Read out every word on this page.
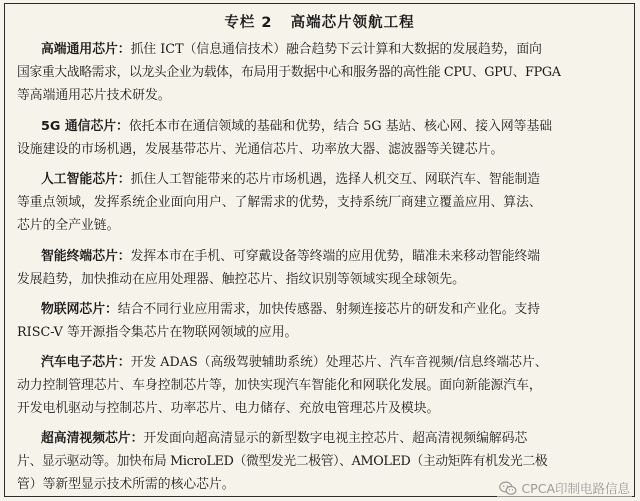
专栏 2   高端芯片领航工程
高端通用芯片：抓住 ICT（信息通信技术）融合趋势下云计算和大数据的发展趋势，面向
国家重大战略需求，以龙头企业为载体，布局用于数据中心和服务器的高性能 CPU、GPU、FPGA
等高端通用芯片技术研发。
5G 通信芯片：依托本市在通信领域的基础和优势，结合 5G 基站、核心网、接入网等基础
设施建设的市场机遇，发展基带芯片、光通信芯片、功率放大器、滤波器等关键芯片。
人工智能芯片：抓住人工智能带来的芯片市场机遇，选择人机交互、网联汽车、智能制造
等重点领域，发挥系统企业面向用户、了解需求的优势，支持系统厂商建立覆盖应用、算法、
芯片的全产业链。
智能终端芯片：发挥本市在手机、可穿戴设备等终端的应用优势，瞄准未来移动智能终端
发展趋势，加快推动在应用处理器、触控芯片、指纹识别等领域实现全球领先。
物联网芯片：结合不同行业应用需求，加快传感器、射频连接芯片的研发和产业化。支持
RISC-V 等开源指令集芯片在物联网领域的应用。
汽车电子芯片：开发 ADAS（高级驾驶辅助系统）处理芯片、汽车音视频/信息终端芯片、
动力控制管理芯片、车身控制芯片等，加快实现汽车智能化和网联化发展。面向新能源汽车，
开发电机驱动与控制芯片、功率芯片、电力储存、充放电管理芯片及模块。
超高清视频芯片：开发面向超高清显示的新型数字电视主控芯片、超高清视频编解码芯
片、显示驱动等。加快布局 MicroLED（微型发光二极管）、AMOLED（主动矩阵有机发光二极
管）等新型显示技术所需的核心芯片。	CPCA印制电路信息
